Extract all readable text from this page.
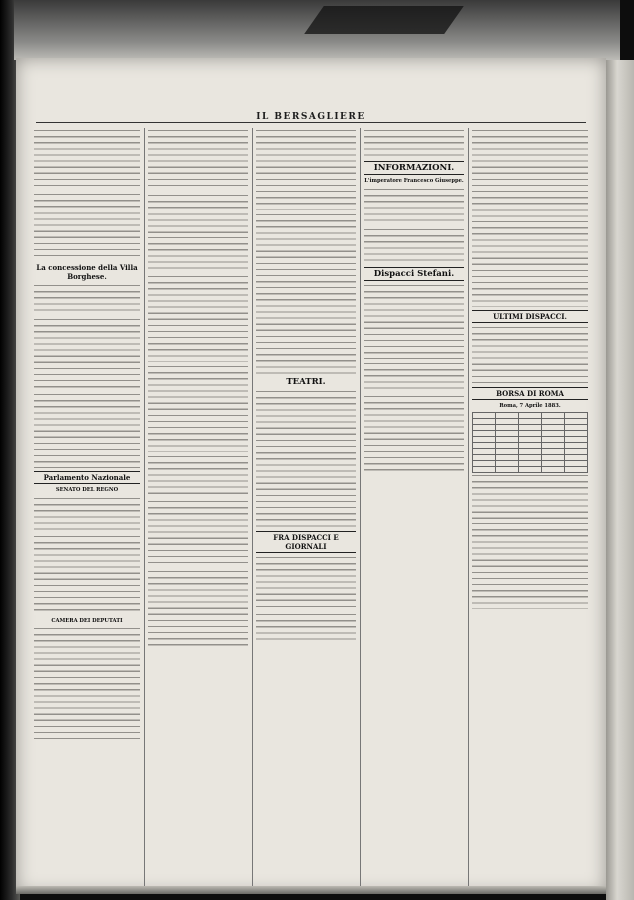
IL BERSAGLIERE

La concessione della Villa Borghese.

Parlamento Nazionale
SENATO DEL REGNO

CAMERA DEI DEPUTATI

TEATRI.

FRA DISPACCI E GIORNALI

INFORMAZIONI.
L'imperatore Francesco Giuseppe.

Dispacci Stefani.

ULTIMI DISPACCI.

BORSA DI ROMA
Roma, 7 Aprile 1883.
